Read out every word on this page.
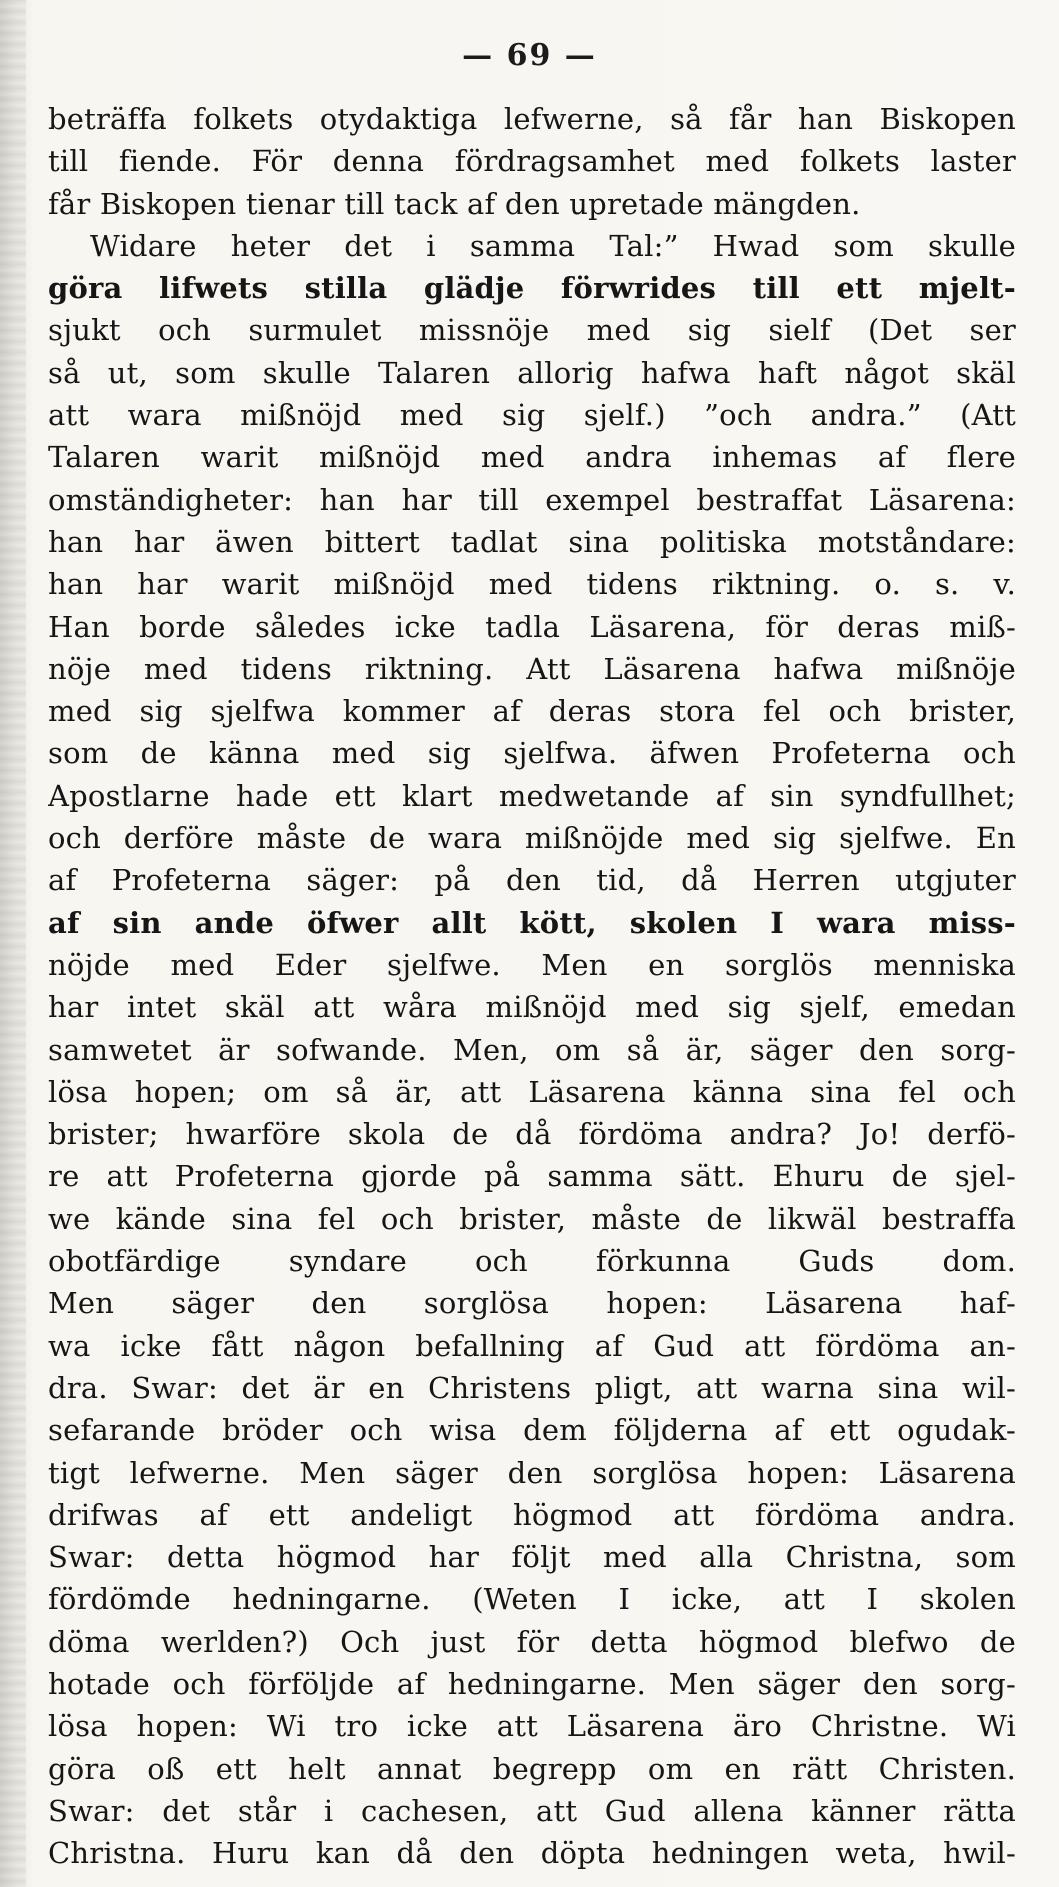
— 69 —
beträffa folkets otydaktiga lefwerne, så får han Biskopen
till fiende. För denna fördragsamhet med folkets laster
får Biskopen tienar till tack af den upretade mängden.
Widare heter det i samma Tal:” Hwad som skulle
göra lifwets stilla glädje förwrides till ett mjelt-
sjukt och surmulet missnöje med sig sielf (Det ser
så ut, som skulle Talaren allorig hafwa haft något skäl
att wara mißnöjd med sig sjelf.) ”och andra.” (Att
Talaren warit mißnöjd med andra inhemas af flere
omständigheter: han har till exempel bestraffat Läsarena:
han har äwen bittert tadlat sina politiska motståndare:
han har warit mißnöjd med tidens riktning. o. s. v.
Han borde således icke tadla Läsarena, för deras miß-
nöje med tidens riktning. Att Läsarena hafwa mißnöje
med sig sjelfwa kommer af deras stora fel och brister,
som de känna med sig sjelfwa. äfwen Profeterna och
Apostlarne hade ett klart medwetande af sin syndfullhet;
och derföre måste de wara mißnöjde med sig sjelfwe. En
af Profeterna säger: på den tid, då Herren utgjuter
af sin ande öfwer allt kött, skolen I wara miss-
nöjde med Eder sjelfwe. Men en sorglös menniska
har intet skäl att wåra mißnöjd med sig sjelf, emedan
samwetet är sofwande. Men, om så är, säger den sorg-
lösa hopen; om så är, att Läsarena känna sina fel och
brister; hwarföre skola de då fördöma andra? Jo! derfö-
re att Profeterna gjorde på samma sätt. Ehuru de sjel-
we kände sina fel och brister, måste de likwäl bestraffa
obotfärdige syndare och förkunna Guds dom.
Men säger den sorglösa hopen: Läsarena haf-
wa icke fått någon befallning af Gud att fördöma an-
dra. Swar: det är en Christens pligt, att warna sina wil-
sefarande bröder och wisa dem följderna af ett ogudak-
tigt lefwerne. Men säger den sorglösa hopen: Läsarena
drifwas af ett andeligt högmod att fördöma andra.
Swar: detta högmod har följt med alla Christna, som
fördömde hedningarne. (Weten I icke, att I skolen
döma werlden?) Och just för detta högmod blefwo de
hotade och förföljde af hedningarne. Men säger den sorg-
lösa hopen: Wi tro icke att Läsarena äro Christne. Wi
göra oß ett helt annat begrepp om en rätt Christen.
Swar: det står i cachesen, att Gud allena känner rätta
Christna. Huru kan då den döpta hedningen weta, hwil-
